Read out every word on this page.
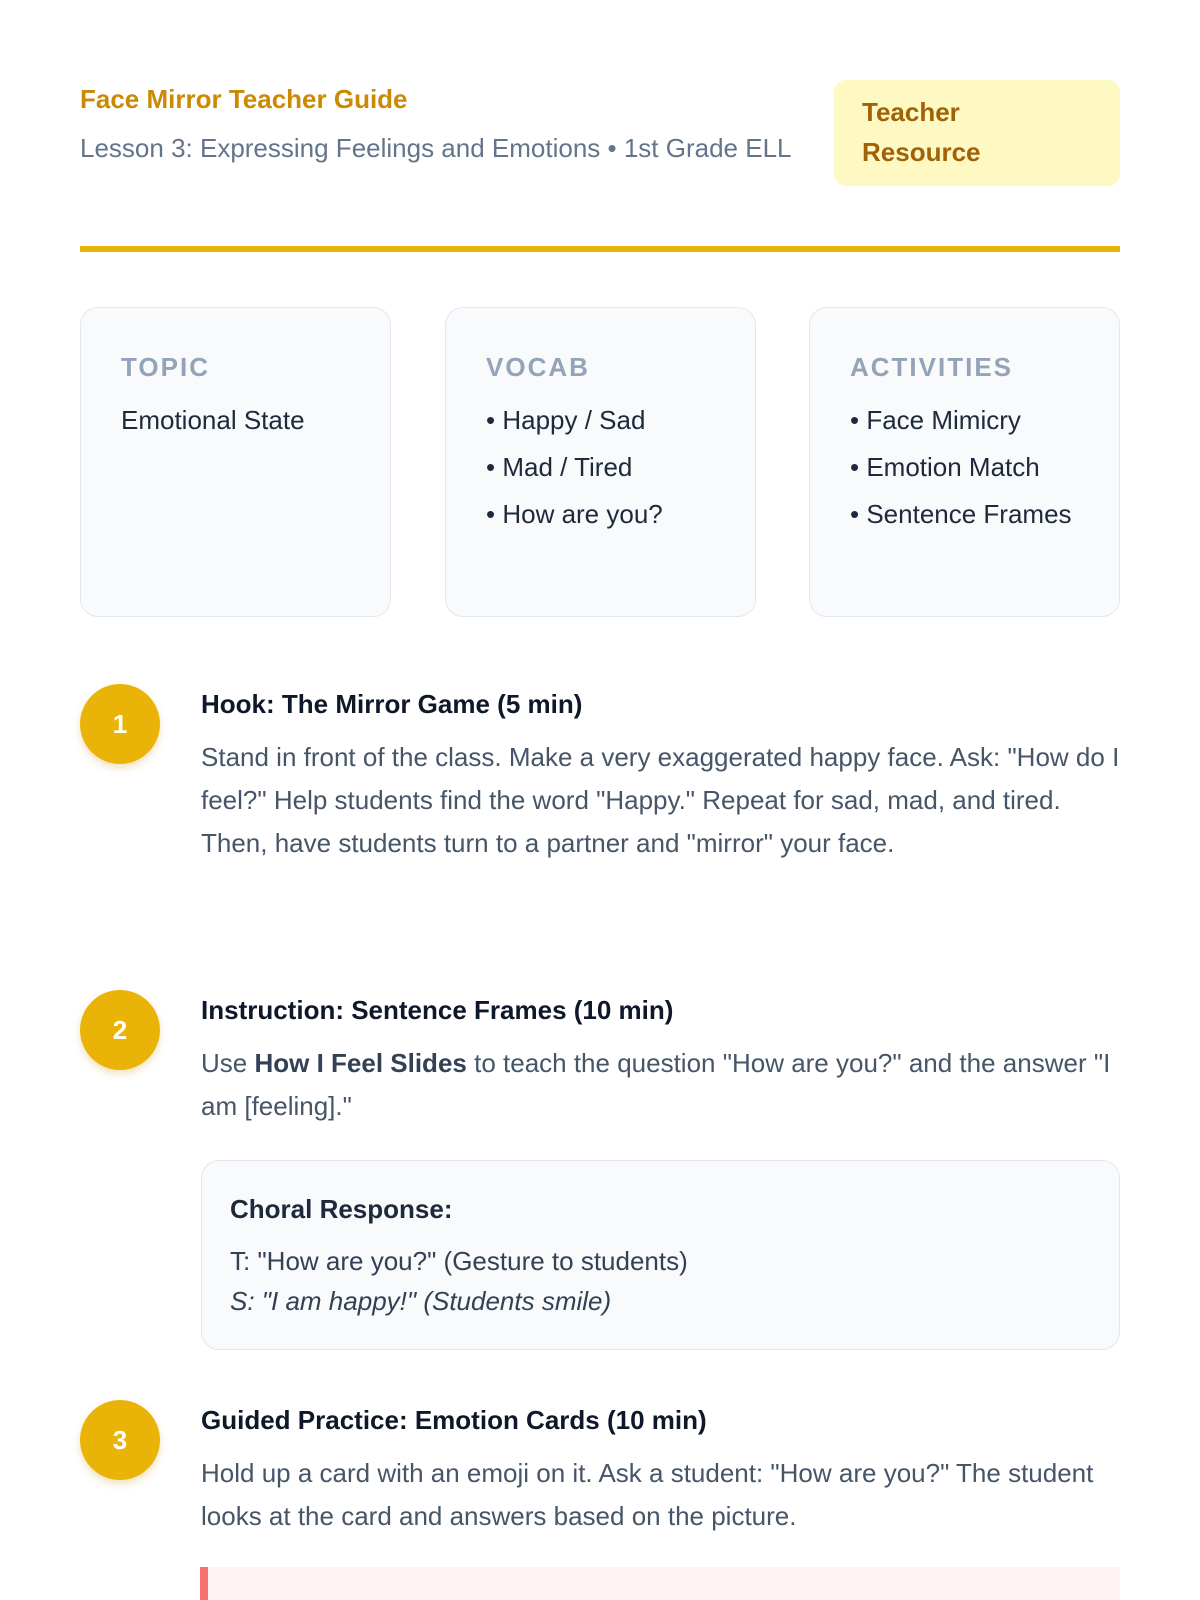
Face Mirror Teacher Guide
Lesson 3: Expressing Feelings and Emotions • 1st Grade ELL
Teacher
Resource
TOPIC
Emotional State
VOCAB
• Happy / Sad
• Mad / Tired
• How are you?
ACTIVITIES
• Face Mimicry
• Emotion Match
• Sentence Frames
1
Hook: The Mirror Game (5 min)
Stand in front of the class. Make a very exaggerated happy face. Ask: "How do I feel?" Help students find the word "Happy." Repeat for sad, mad, and tired. Then, have students turn to a partner and "mirror" your face.
2
Instruction: Sentence Frames (10 min)
Use How I Feel Slides to teach the question "How are you?" and the answer "I am [feeling]."
Choral Response:
T: "How are you?" (Gesture to students)
S: "I am happy!" (Students smile)
3
Guided Practice: Emotion Cards (10 min)
Hold up a card with an emoji on it. Ask a student: "How are you?" The student looks at the card and answers based on the picture.
